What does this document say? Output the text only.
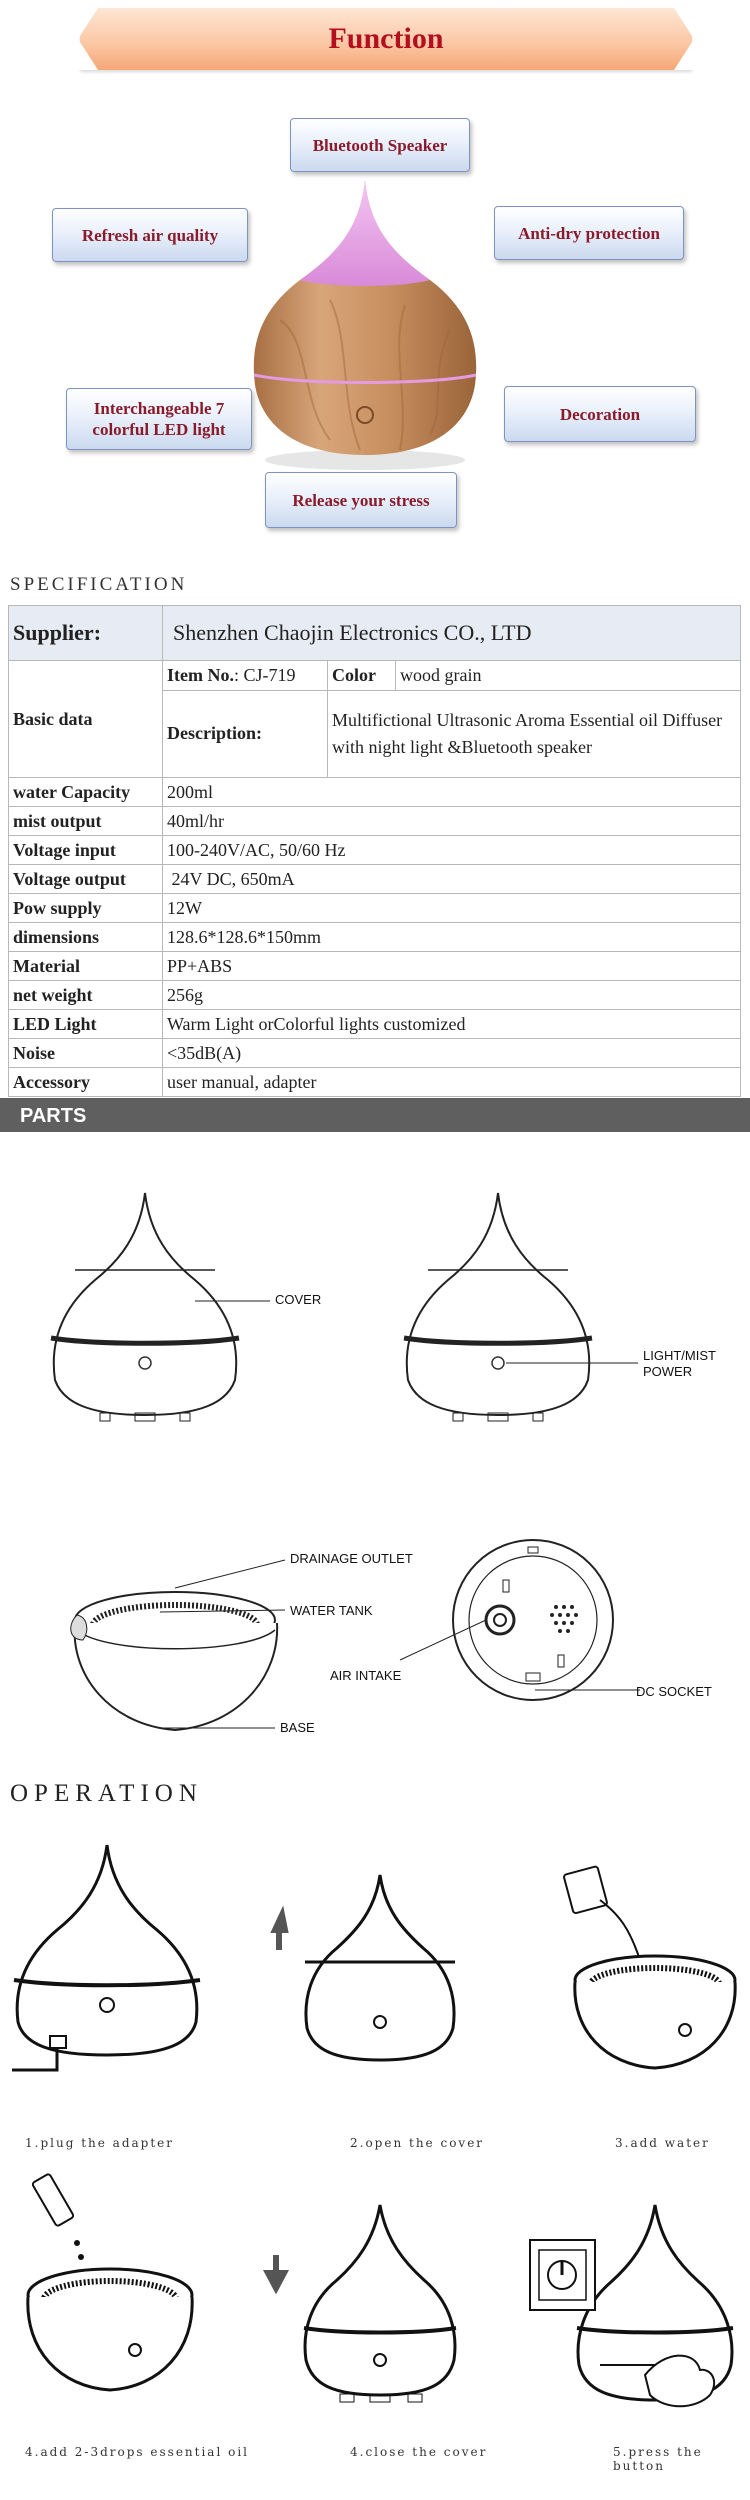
Function
Bluetooth Speaker
Refresh air quality	Anti-dry protection
Interchangeable 7 colorful LED light
Decoration
Release your stress
SPECIFICATION
Supplier:	Shenzhen Chaojin Electronics CO., LTD		
Basic data	Item No.: CJ-719	Color	wood grain
	Description:	Multifictional Ultrasonic Aroma Essential oil Diffuser with night light &Bluetooth speaker	
water Capacity	200ml		
mist output	40ml/hr		
Voltage input	100-240V/AC, 50/60 Hz		
Voltage output	24V DC, 650mA		
Pow supply	12W		
dimensions	128.6*128.6*150mm		
Material	PP+ABS		
net weight	256g		
LED Light	Warm Light orColorful lights customized		
Noise	<35dB(A)		
Accessory	user manual, adapter		
PARTS
COVER
LIGHT/MIST
POWER
DRAINAGE OUTLET
WATER TANK
BASE
AIR INTAKE
DC SOCKET
OPERATION
1.plug the adapter	2.open the cover	3.add water
4.add 2-3drops essential oil	4.close the cover	5.press the button
